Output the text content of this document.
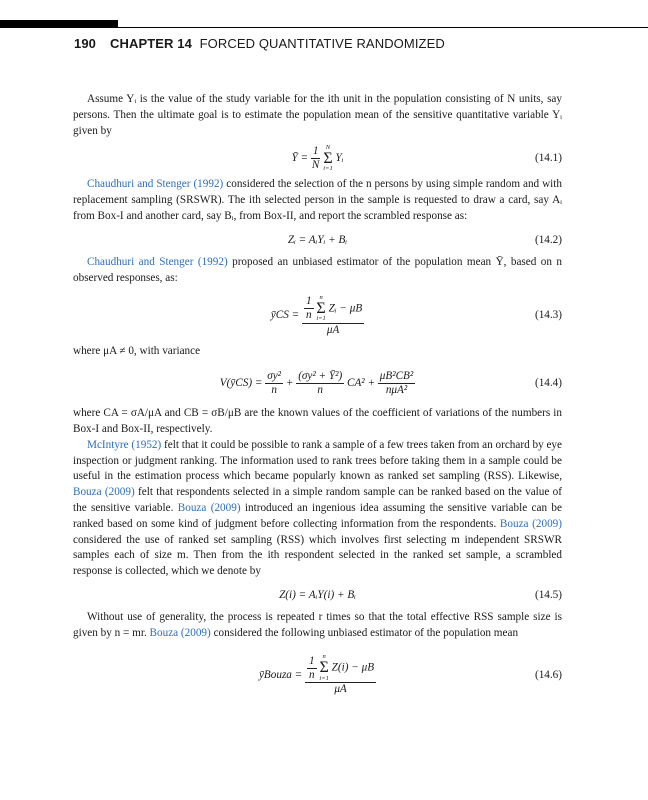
190 CHAPTER 14 FORCED QUANTITATIVE RANDOMIZED

Assume Yᵢ is the value of the study variable for the ith unit in the population consisting of N units, say persons. Then the ultimate goal is to estimate the population mean of the sensitive quantitative variable Yᵢ given by

Ȳ = $\frac{1}{N}$
N
Σ
i=1
Yᵢ	(14.1)

Chaudhuri and Stenger (1992) considered the selection of the n persons by using simple random and with replacement sampling (SRSWR). The ith selected person in the sample is requested to draw a card, say Aᵢ from Box-I and another card, say Bᵢ, from Box-II, and report the scrambled response as:

Zᵢ = AᵢYᵢ + Bᵢ	(14.2)

Chaudhuri and Stenger (1992) proposed an unbiased estimator of the population mean Ȳ, based on n observed responses, as:

ȳCS = $\frac{1}{n}$
n
Σ
i=1
Zᵢ − μB
μA	(14.3)

where μA ≠ 0, with variance

V(ȳCS) = $\frac{\text{σy²}}{n} + \frac{\text{(σy² + Ȳ²)}}{n} CA^2 + \frac{\text{μB²CB²}}{\text{nμA²}}$	(14.4)

where CA = σA/μA and CB = σB/μB are the known values of the coefficient of variations of the numbers in Box-I and Box-II, respectively.

McIntyre (1952) felt that it could be possible to rank a sample of a few trees taken from an orchard by eye inspection or judgment ranking. The information used to rank trees before taking them in a sample could be useful in the estimation process which became popularly known as ranked set sampling (RSS). Likewise, Bouza (2009) felt that respondents selected in a simple random sample can be ranked based on the value of the sensitive variable. Bouza (2009) introduced an ingenious idea assuming the sensitive variable can be ranked based on some kind of judgment before collecting information from the respondents. Bouza (2009) considered the use of ranked set sampling (RSS) which involves first selecting m independent SRSWR samples each of size m. Then from the ith respondent selected in the ranked set sample, a scrambled response is collected, which we denote by

Z(i) = AᵢY(i) + Bᵢ	(14.5)

Without use of generality, the process is repeated r times so that the total effective RSS sample size is given by n = mr. Bouza (2009) considered the following unbiased estimator of the population mean

ȳBouza = $\frac{1}{n}$
n
Σ
i=1
Z(i) − μB
μA	(14.6)
